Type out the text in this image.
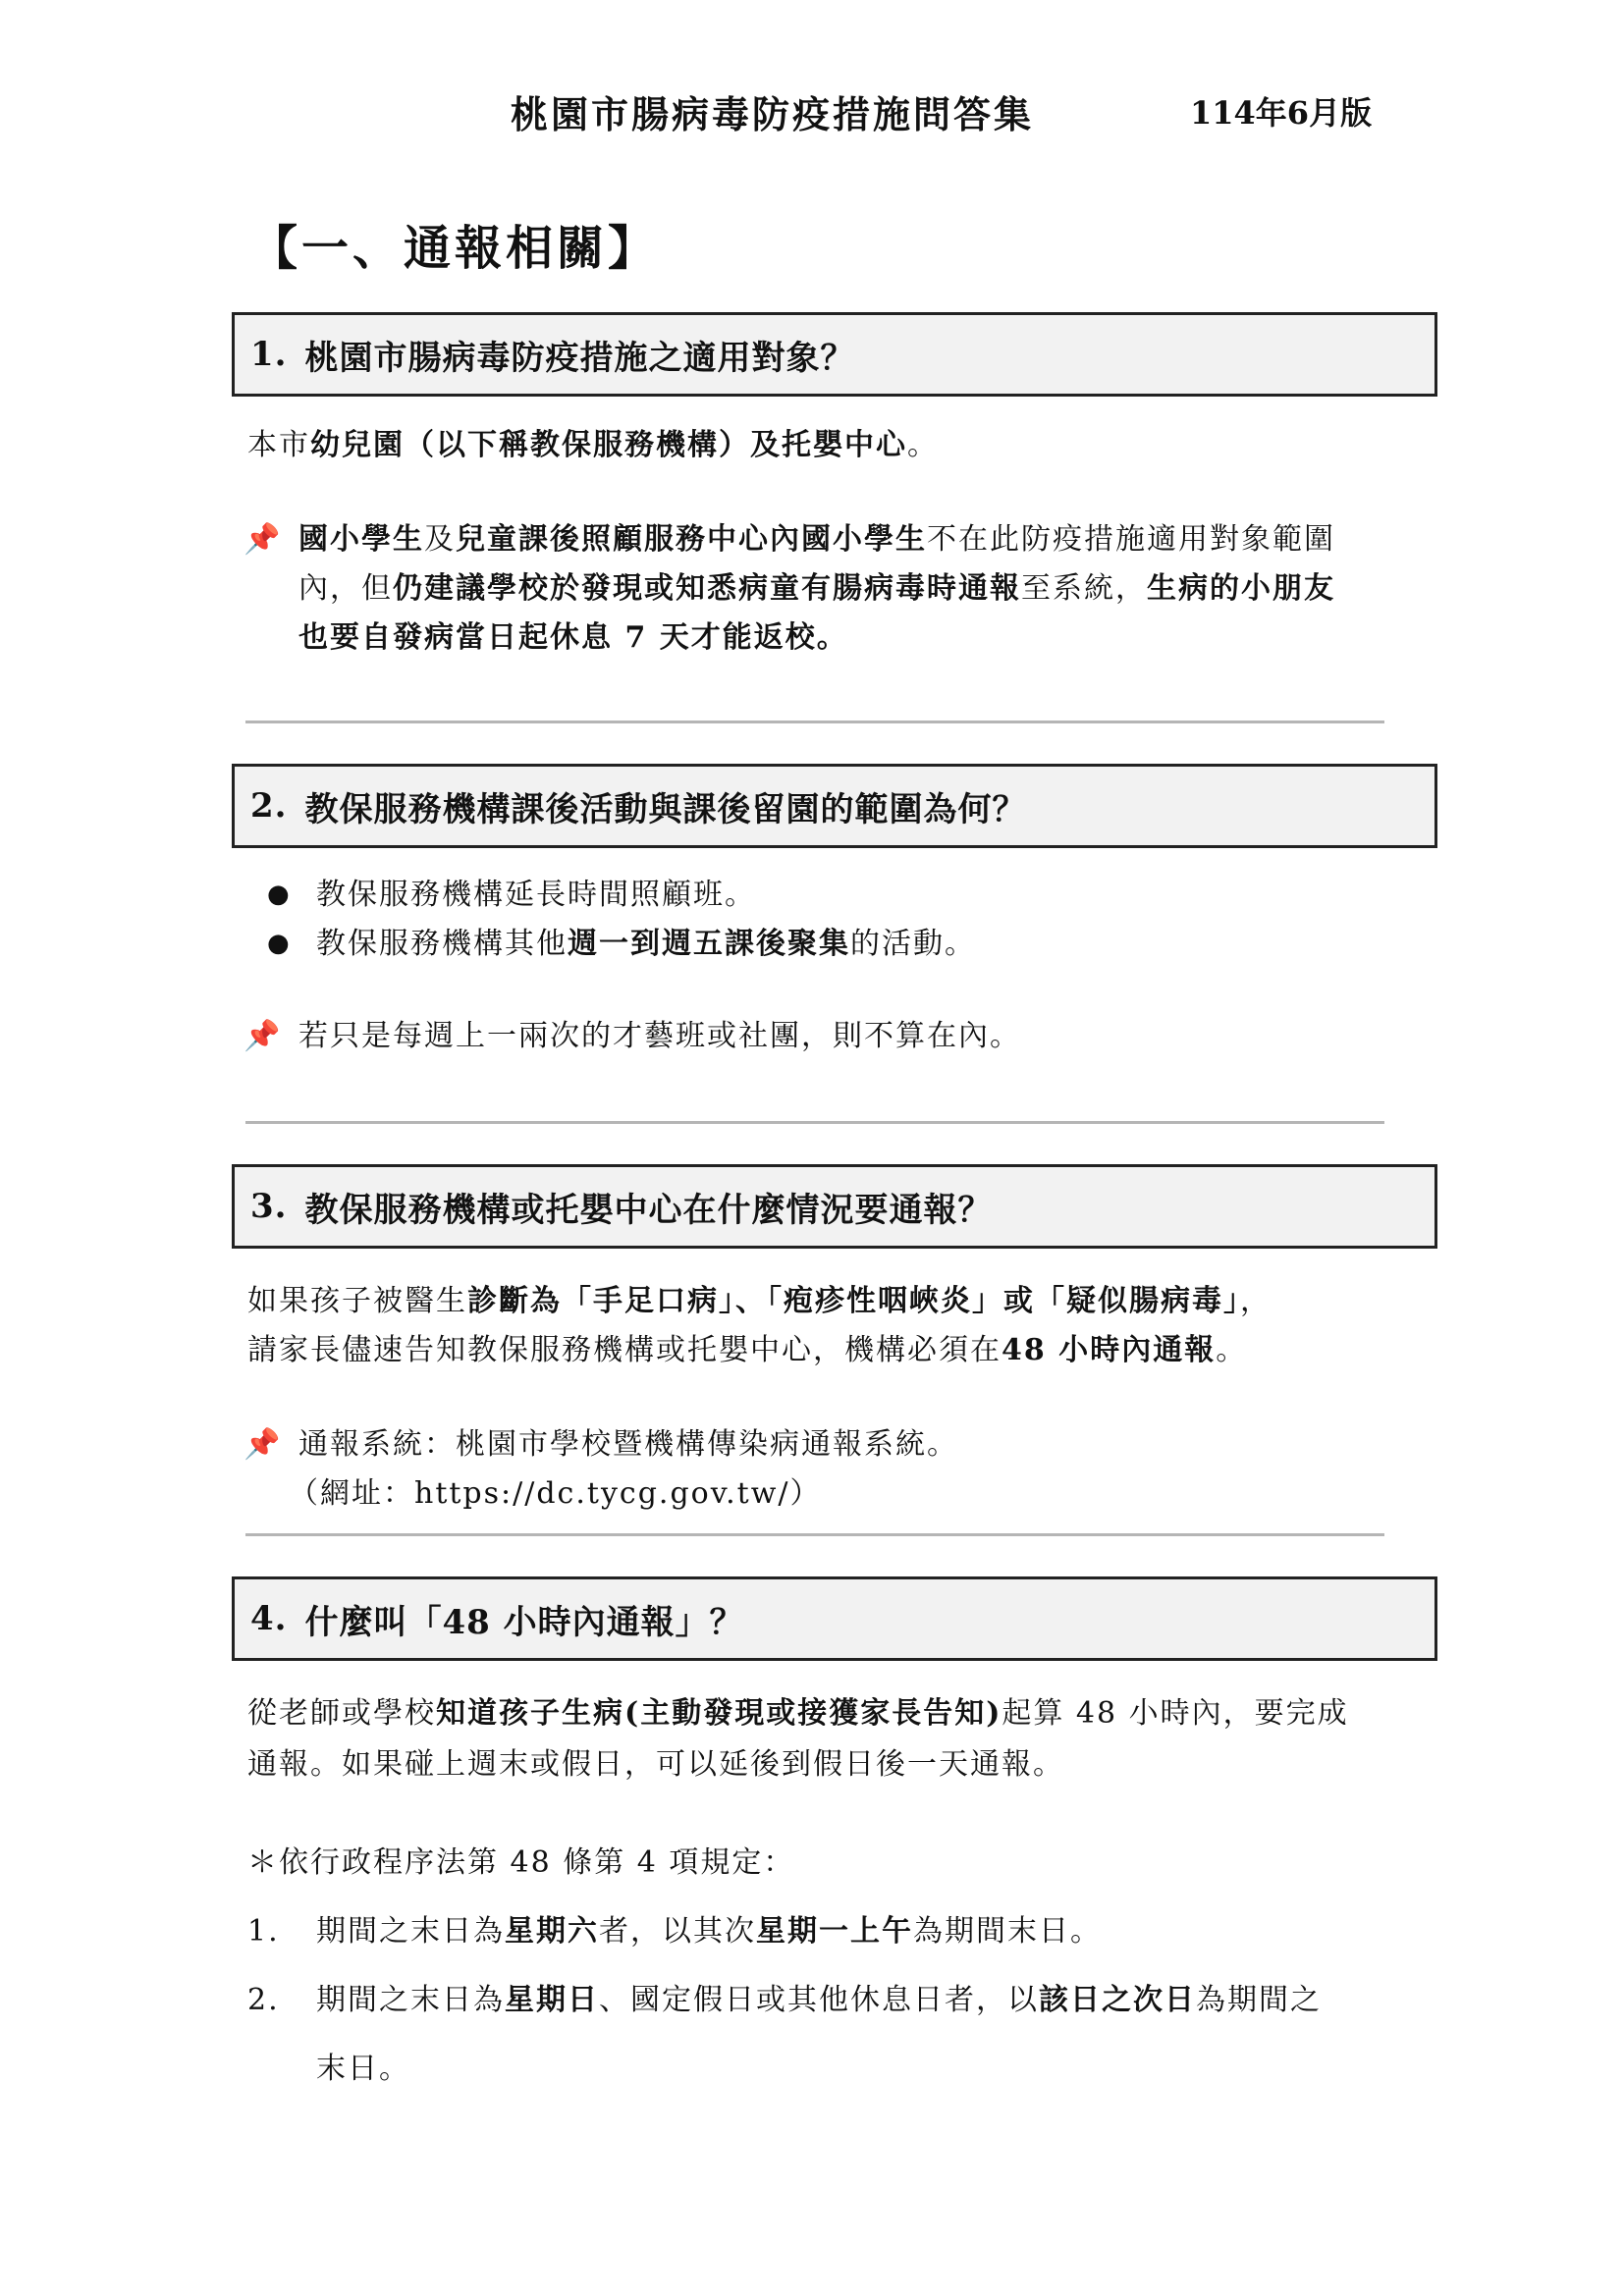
桃園市腸病毒防疫措施問答集	114年6月版
【一、通報相關】
1. 桃園市腸病毒防疫措施之適用對象？
本市幼兒園（以下稱教保服務機構）及托嬰中心。
📌 國小學生及兒童課後照顧服務中心內國小學生不在此防疫措施適用對象範圍
內，但仍建議學校於發現或知悉病童有腸病毒時通報至系統，生病的小朋友
也要自發病當日起休息 7 天才能返校。
2. 教保服務機構課後活動與課後留園的範圍為何？
● 教保服務機構延長時間照顧班。
● 教保服務機構其他週一到週五課後聚集的活動。
📌 若只是每週上一兩次的才藝班或社團，則不算在內。
3. 教保服務機構或托嬰中心在什麼情況要通報？
如果孩子被醫生診斷為「手足口病」、「疱疹性咽峽炎」或「疑似腸病毒」，
請家長儘速告知教保服務機構或托嬰中心，機構必須在48 小時內通報。
📌 通報系統：桃園市學校暨機構傳染病通報系統。
（網址：https://dc.tycg.gov.tw/）
4. 什麼叫「48 小時內通報」？
從老師或學校知道孩子生病(主動發現或接獲家長告知)起算 48 小時內，要完成
通報。如果碰上週末或假日，可以延後到假日後一天通報。
＊依行政程序法第 48 條第 4 項規定：
1. 期間之末日為星期六者，以其次星期一上午為期間末日。
2. 期間之末日為星期日、國定假日或其他休息日者，以該日之次日為期間之
末日。
